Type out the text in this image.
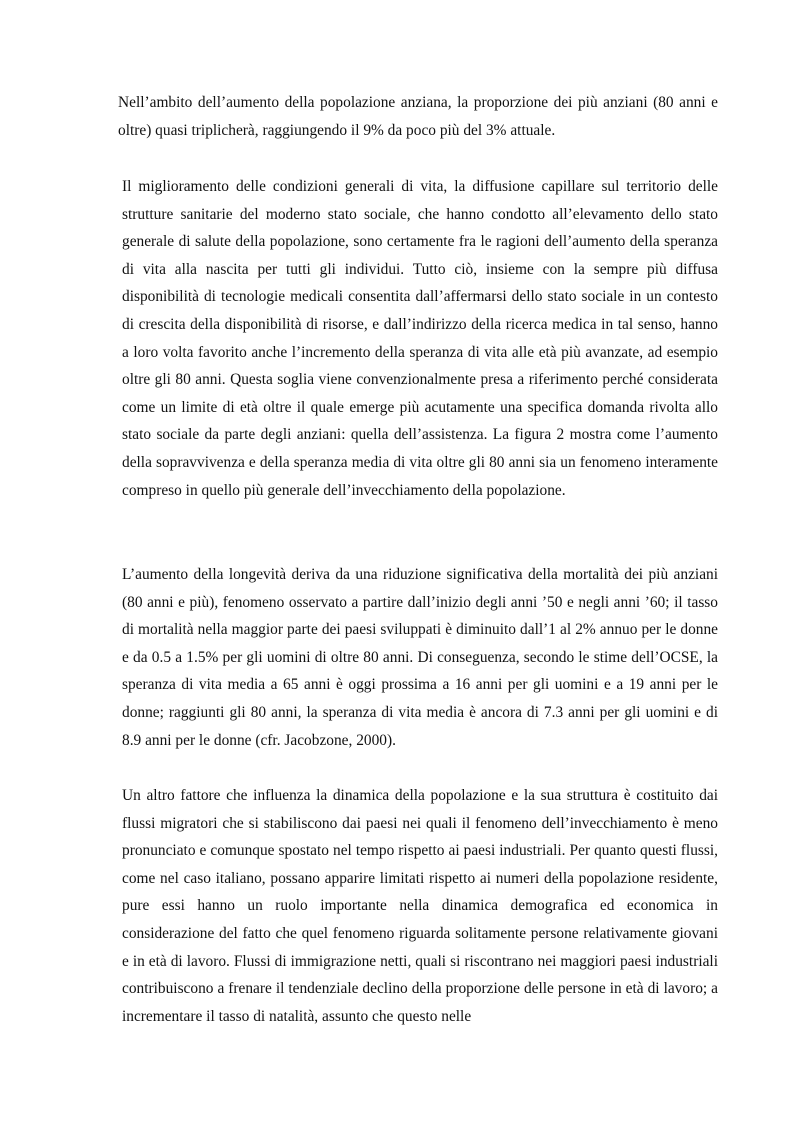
Nell’ambito dell’aumento della popolazione anziana, la proporzione dei più anziani (80 anni e oltre) quasi triplicherà, raggiungendo il 9% da poco più del 3% attuale.

Il miglioramento delle condizioni generali di vita, la diffusione capillare sul territorio delle strutture sanitarie del moderno stato sociale, che hanno condotto all’elevamento dello stato generale di salute della popolazione, sono certamente fra le ragioni dell’aumento della speranza di vita alla nascita per tutti gli individui. Tutto ciò, insieme con la sempre più diffusa disponibilità di tecnologie medicali consentita dall’affermarsi dello stato sociale in un contesto di crescita della disponibilità di risorse, e dall’indirizzo della ricerca medica in tal senso, hanno a loro volta favorito anche l’incremento della speranza di vita alle età più avanzate, ad esempio oltre gli 80 anni. Questa soglia viene convenzionalmente presa a riferimento perché considerata come un limite di età oltre il quale emerge più acutamente una specifica domanda rivolta allo stato sociale da parte degli anziani: quella dell’assistenza. La figura 2 mostra come l’aumento della sopravvivenza e della speranza media di vita oltre gli 80 anni sia un fenomeno interamente compreso in quello più generale dell’invecchiamento della popolazione.

L’aumento della longevità deriva da una riduzione significativa della mortalità dei più anziani (80 anni e più), fenomeno osservato a partire dall’inizio degli anni ’50 e negli anni ’60; il tasso di mortalità nella maggior parte dei paesi sviluppati è diminuito dall’1 al 2% annuo per le donne e da 0.5 a 1.5% per gli uomini di oltre 80 anni. Di conseguenza, secondo le stime dell’OCSE, la speranza di vita media a 65 anni è oggi prossima a 16 anni per gli uomini e a 19 anni per le donne; raggiunti gli 80 anni, la speranza di vita media è ancora di 7.3 anni per gli uomini e di 8.9 anni per le donne (cfr. Jacobzone, 2000).

Un altro fattore che influenza la dinamica della popolazione e la sua struttura è costituito dai flussi migratori che si stabiliscono dai paesi nei quali il fenomeno dell’invecchiamento è meno pronunciato e comunque spostato nel tempo rispetto ai paesi industriali. Per quanto questi flussi, come nel caso italiano, possano apparire limitati rispetto ai numeri della popolazione residente, pure essi hanno un ruolo importante nella dinamica demografica ed economica in considerazione del fatto che quel fenomeno riguarda solitamente persone relativamente giovani e in età di lavoro. Flussi di immigrazione netti, quali si riscontrano nei maggiori paesi industriali contribuiscono a frenare il tendenziale declino della proporzione delle persone in età di lavoro; a incrementare il tasso di natalità, assunto che questo nelle
